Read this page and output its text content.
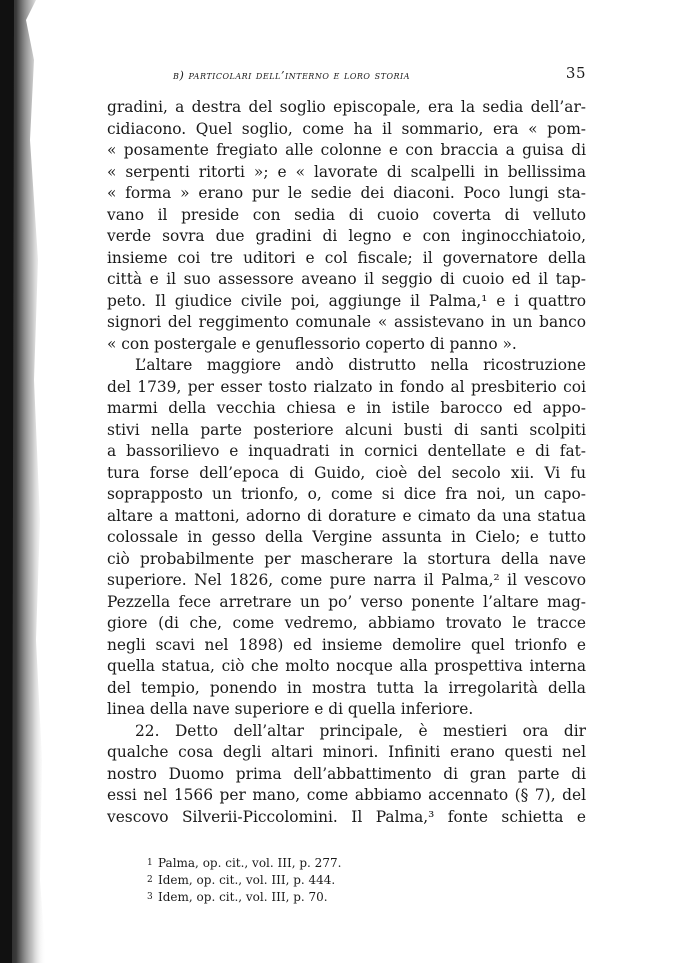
b) particolari dell’interno e loro storia	35
gradini, a destra del soglio episcopale, era la sedia dell’ar-
cidiacono. Quel soglio, come ha il sommario, era « pom-
« posamente fregiato alle colonne e con braccia a guisa di
« serpenti ritorti »; e « lavorate di scalpelli in bellissima
« forma » erano pur le sedie dei diaconi. Poco lungi sta-
vano il preside con sedia di cuoio coverta di velluto
verde sovra due gradini di legno e con inginocchiatoio,
insieme coi tre uditori e col fiscale; il governatore della
città e il suo assessore aveano il seggio di cuoio ed il tap-
peto. Il giudice civile poi, aggiunge il Palma,¹ e i quattro
signori del reggimento comunale « assistevano in un banco
« con postergale e genuflessorio coperto di panno ».
L’altare maggiore andò distrutto nella ricostruzione
del 1739, per esser tosto rialzato in fondo al presbiterio coi
marmi della vecchia chiesa e in istile barocco ed appo-
stivi nella parte posteriore alcuni busti di santi scolpiti
a bassorilievo e inquadrati in cornici dentellate e di fat-
tura forse dell’epoca di Guido, cioè del secolo xii. Vi fu
soprapposto un trionfo, o, come si dice fra noi, un capo-
altare a mattoni, adorno di dorature e cimato da una statua
colossale in gesso della Vergine assunta in Cielo; e tutto
ciò probabilmente per mascherare la stortura della nave
superiore. Nel 1826, come pure narra il Palma,² il vescovo
Pezzella fece arretrare un po’ verso ponente l’altare mag-
giore (di che, come vedremo, abbiamo trovato le tracce
negli scavi nel 1898) ed insieme demolire quel trionfo e
quella statua, ciò che molto nocque alla prospettiva interna
del tempio, ponendo in mostra tutta la irregolarità della
linea della nave superiore e di quella inferiore.
22. Detto dell’altar principale, è mestieri ora dir
qualche cosa degli altari minori. Infiniti erano questi nel
nostro Duomo prima dell’abbattimento di gran parte di
essi nel 1566 per mano, come abbiamo accennato (§ 7), del
vescovo Silverii-Piccolomini. Il Palma,³ fonte schietta e
1 Palma, op. cit., vol. III, p. 277.
2 Idem, op. cit., vol. III, p. 444.
3 Idem, op. cit., vol. III, p. 70.
